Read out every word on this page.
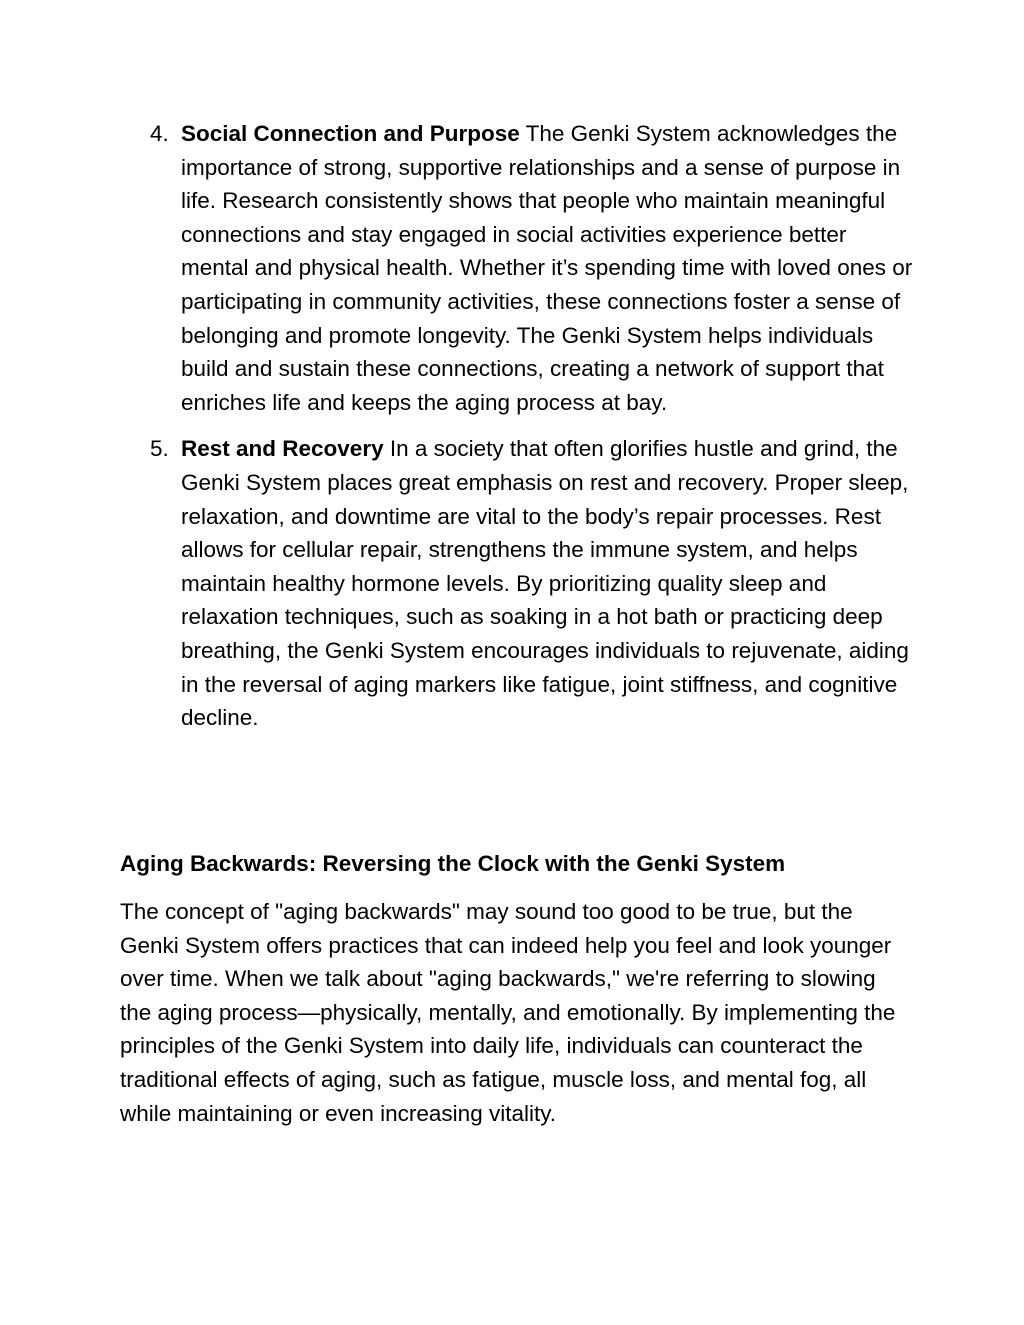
4. Social Connection and Purpose The Genki System acknowledges the importance of strong, supportive relationships and a sense of purpose in life. Research consistently shows that people who maintain meaningful connections and stay engaged in social activities experience better mental and physical health. Whether it’s spending time with loved ones or participating in community activities, these connections foster a sense of belonging and promote longevity. The Genki System helps individuals build and sustain these connections, creating a network of support that enriches life and keeps the aging process at bay.
5. Rest and Recovery In a society that often glorifies hustle and grind, the Genki System places great emphasis on rest and recovery. Proper sleep, relaxation, and downtime are vital to the body’s repair processes. Rest allows for cellular repair, strengthens the immune system, and helps maintain healthy hormone levels. By prioritizing quality sleep and relaxation techniques, such as soaking in a hot bath or practicing deep breathing, the Genki System encourages individuals to rejuvenate, aiding in the reversal of aging markers like fatigue, joint stiffness, and cognitive decline.
Aging Backwards: Reversing the Clock with the Genki System

The concept of "aging backwards" may sound too good to be true, but the Genki System offers practices that can indeed help you feel and look younger over time. When we talk about "aging backwards," we're referring to slowing the aging process—physically, mentally, and emotionally. By implementing the principles of the Genki System into daily life, individuals can counteract the traditional effects of aging, such as fatigue, muscle loss, and mental fog, all while maintaining or even increasing vitality.
